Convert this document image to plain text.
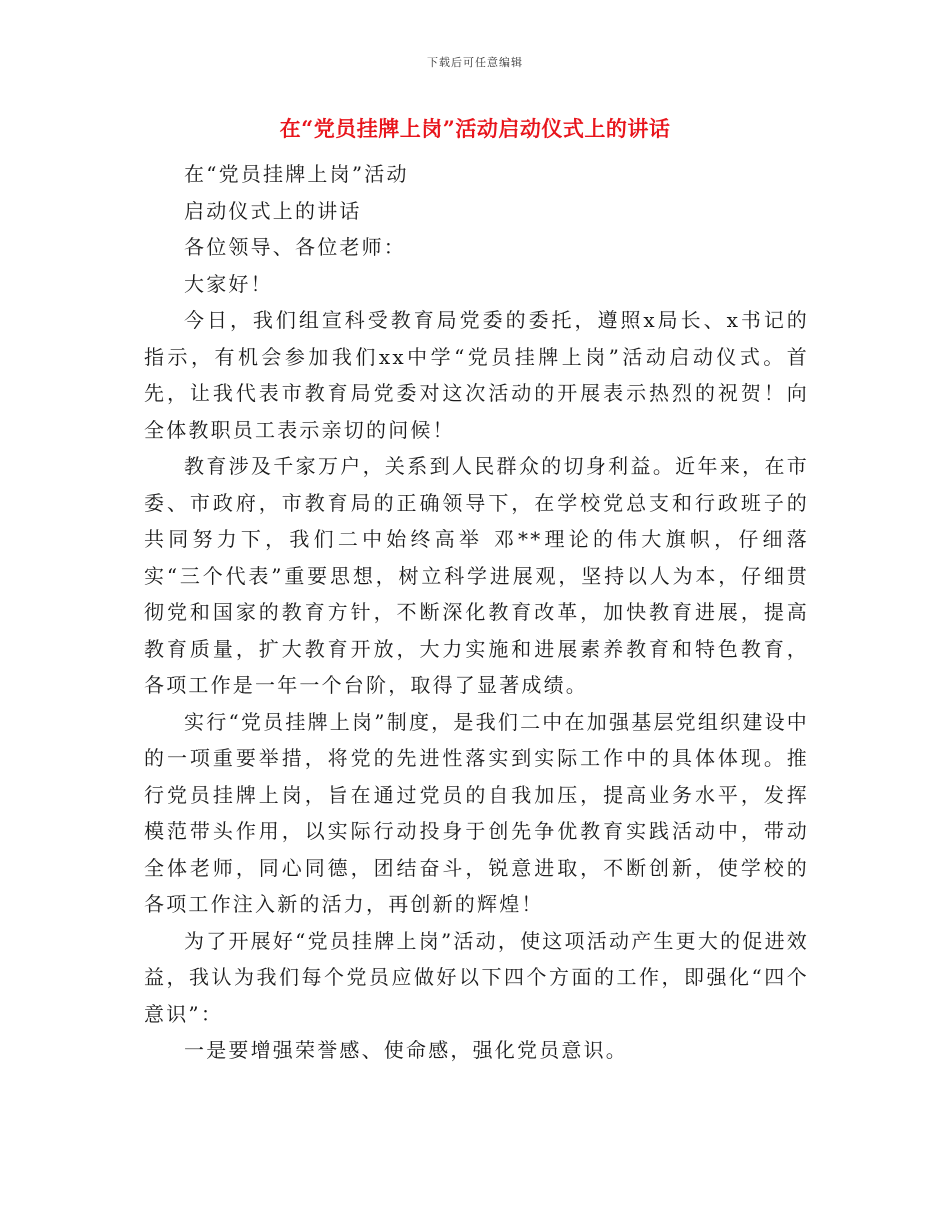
下载后可任意编辑
在“党员挂牌上岗”活动启动仪式上的讲话

在“党员挂牌上岗”活动

启动仪式上的讲话

各位领导、各位老师：

大家好！

今日，我们组宣科受教育局党委的委托，遵照x局长、x书记的指示，有机会参加我们xx中学“党员挂牌上岗”活动启动仪式。首先，让我代表市教育局党委对这次活动的开展表示热烈的祝贺！向全体教职员工表示亲切的问候！

教育涉及千家万户，关系到人民群众的切身利益。近年来，在市委、市政府，市教育局的正确领导下，在学校党总支和行政班子的共同努力下，我们二中始终高举 邓**理论的伟大旗帜，仔细落实“三个代表”重要思想，树立科学进展观，坚持以人为本，仔细贯彻党和国家的教育方针，不断深化教育改革，加快教育进展，提高教育质量，扩大教育开放，大力实施和进展素养教育和特色教育，各项工作是一年一个台阶，取得了显著成绩。

实行“党员挂牌上岗”制度，是我们二中在加强基层党组织建设中的一项重要举措，将党的先进性落实到实际工作中的具体体现。推行党员挂牌上岗，旨在通过党员的自我加压，提高业务水平，发挥模范带头作用，以实际行动投身于创先争优教育实践活动中，带动全体老师，同心同德，团结奋斗，锐意进取，不断创新，使学校的各项工作注入新的活力，再创新的辉煌！

为了开展好“党员挂牌上岗”活动，使这项活动产生更大的促进效益，我认为我们每个党员应做好以下四个方面的工作，即强化“四个意识”：

一是要增强荣誉感、使命感，强化党员意识。
